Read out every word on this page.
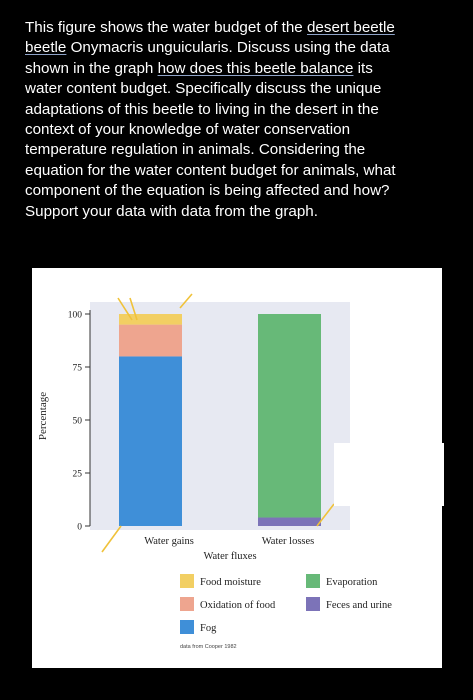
This figure shows the water budget of the desert beetle
beetle Onymacris unguicularis. Discuss using the data
shown in the graph how does this beetle balance its
water content budget. Specifically discuss the unique
adaptations of this beetle to living in the desert in the
context of your knowledge of water conservation
temperature regulation in animals. Considering the
equation for the water content budget for animals, what
component of the equation is being affected and how?
Support your data with data from the graph.
0
25
50
75
100
Percentage
Water gains	Water losses
Water fluxes
Food moisture
Oxidation of food
Fog
Evaporation
Feces and urine
data from Cooper 1982
